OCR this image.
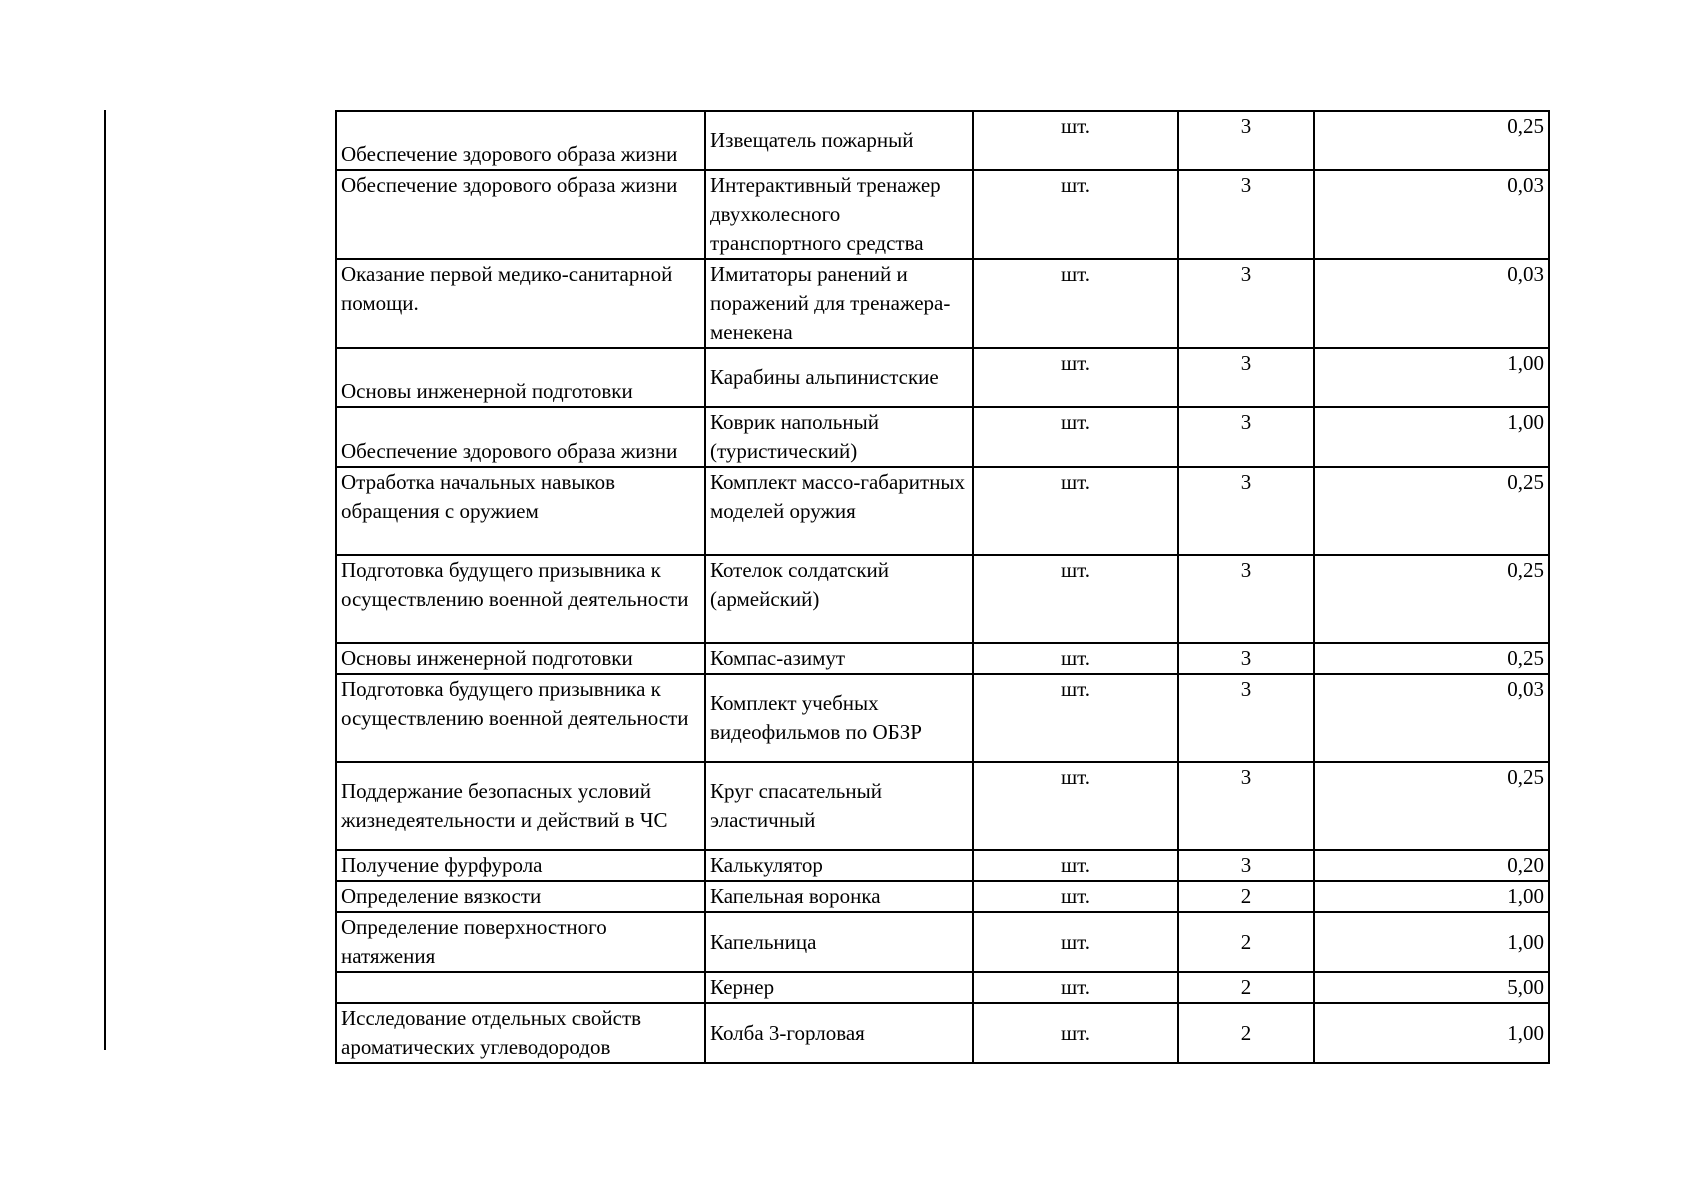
Обеспечение здорового образа жизни	Извещатель пожарный	шт.	3	0,25
Обеспечение здорового образа жизни	Интерактивный тренажер двухколесного транспортного средства	шт.	3	0,03
Оказание первой медико-санитарной помощи.	Имитаторы ранений и поражений для тренажера-менекена	шт.	3	0,03
Основы инженерной подготовки	Карабины альпинистские	шт.	3	1,00
Обеспечение здорового образа жизни	Коврик напольный (туристический)	шт.	3	1,00
Отработка начальных навыков обращения с оружием	Комплект массо-габаритных моделей оружия	шт.	3	0,25
Подготовка будущего призывника к осуществлению военной деятельности	Котелок солдатский (армейский)	шт.	3	0,25
Основы инженерной подготовки	Компас-азимут	шт.	3	0,25
Подготовка будущего призывника к осуществлению военной деятельности	Комплект учебных видеофильмов по ОБЗР	шт.	3	0,03
Поддержание безопасных условий жизнедеятельности и действий в ЧС	Круг спасательный эластичный	шт.	3	0,25
Получение фурфурола	Калькулятор	шт.	3	0,20
Определение вязкости	Капельная воронка	шт.	2	1,00
Определение поверхностного натяжения	Капельница	шт.	2	1,00
	Кернер	шт.	2	5,00
Исследование отдельных свойств ароматических углеводородов	Колба 3-горловая	шт.	2	1,00
